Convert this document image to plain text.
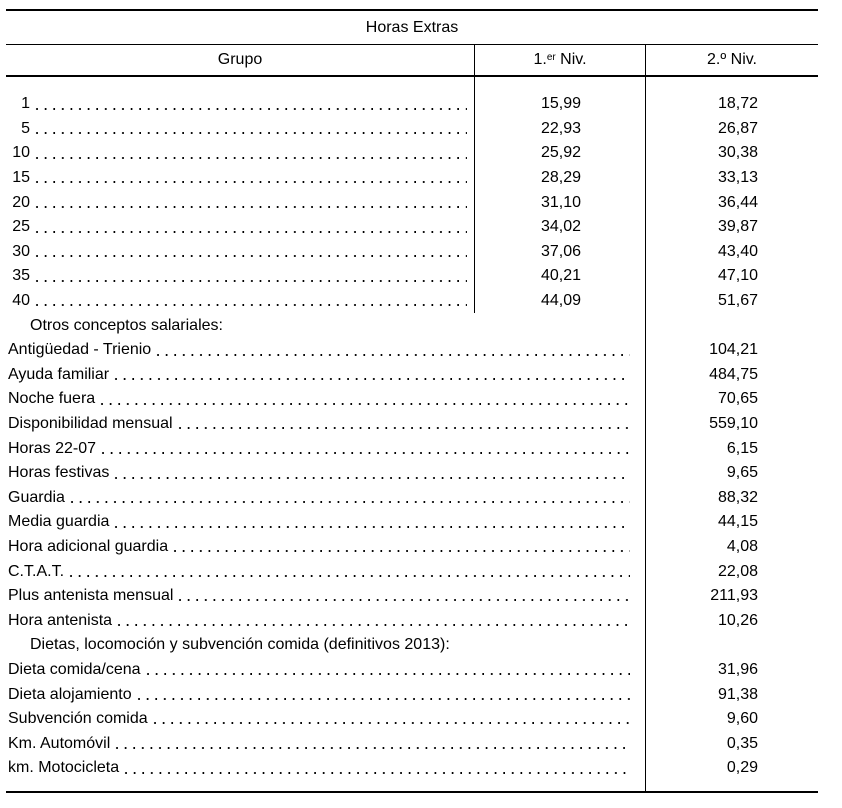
Horas Extras
Grupo	1.$^{er}$ Niv.	2.º Niv.
1	15,99	18,72
5	22,93	26,87
10	25,92	30,38
15	28,29	33,13
20	31,10	36,44
25	34,02	39,87
30	37,06	43,40
35	40,21	47,10
40	44,09	51,67
Otros conceptos salariales:
Antigüedad - Trienio	104,21
Ayuda familiar	484,75
Noche fuera	70,65
Disponibilidad mensual	559,10
Horas 22-07	6,15
Horas festivas	9,65
Guardia	88,32
Media guardia	44,15
Hora adicional guardia	4,08
C.T.A.T.	22,08
Plus antenista mensual	211,93
Hora antenista	10,26
Dietas, locomoción y subvención comida (definitivos 2013):
Dieta comida/cena	31,96
Dieta alojamiento	91,38
Subvención comida	9,60
Km. Automóvil	0,35
km. Motocicleta	0,29
